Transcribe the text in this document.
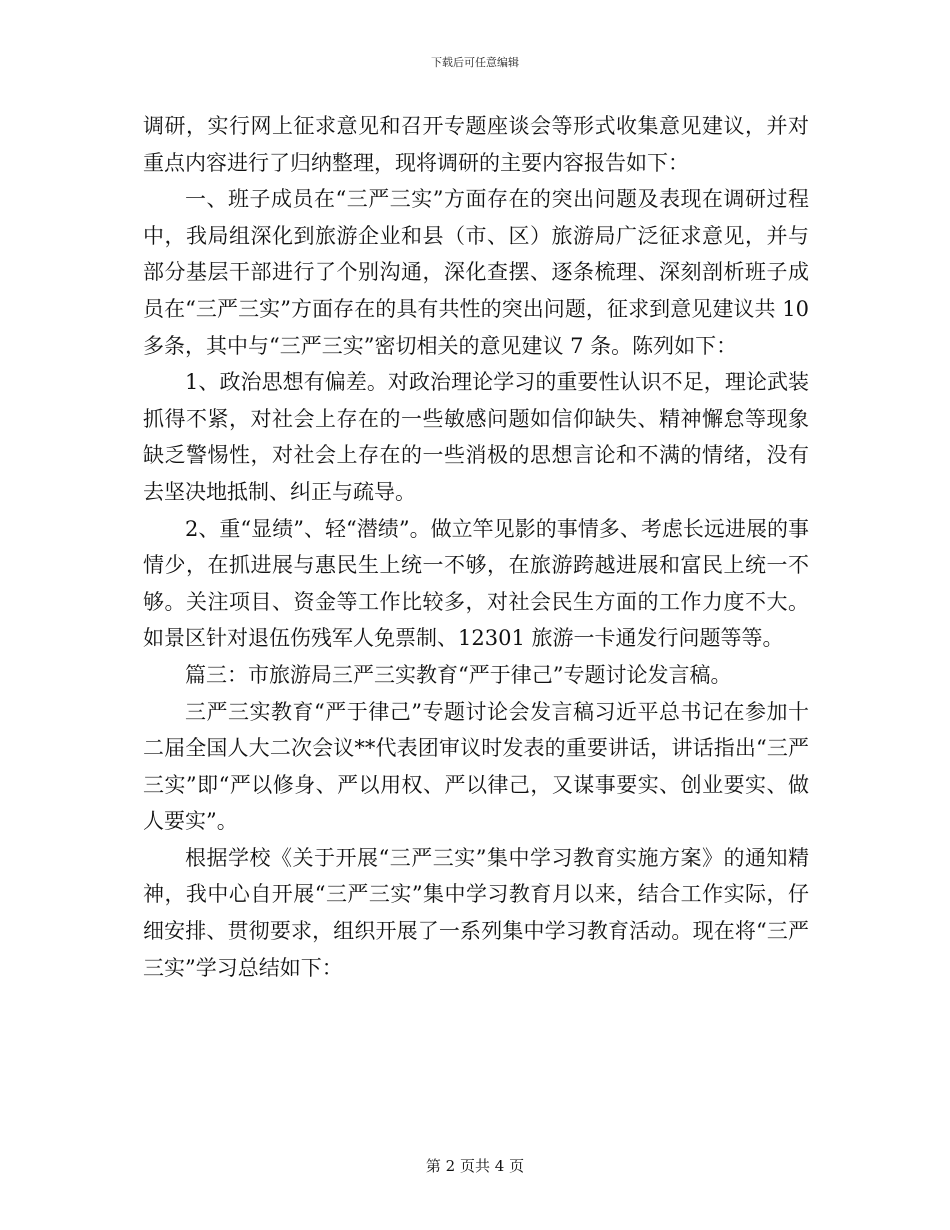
下载后可任意编辑

调研，实行网上征求意见和召开专题座谈会等形式收集意见建议，并对重点内容进行了归纳整理，现将调研的主要内容报告如下：

一、班子成员在“三严三实”方面存在的突出问题及表现在调研过程中，我局组深化到旅游企业和县（市、区）旅游局广泛征求意见，并与部分基层干部进行了个别沟通，深化查摆、逐条梳理、深刻剖析班子成员在“三严三实”方面存在的具有共性的突出问题，征求到意见建议共 10 多条，其中与“三严三实”密切相关的意见建议 7 条。陈列如下：

1、政治思想有偏差。对政治理论学习的重要性认识不足，理论武装抓得不紧，对社会上存在的一些敏感问题如信仰缺失、精神懈怠等现象缺乏警惕性，对社会上存在的一些消极的思想言论和不满的情绪，没有去坚决地抵制、纠正与疏导。

2、重“显绩”、轻“潜绩”。做立竿见影的事情多、考虑长远进展的事情少，在抓进展与惠民生上统一不够，在旅游跨越进展和富民上统一不够。关注项目、资金等工作比较多，对社会民生方面的工作力度不大。如景区针对退伍伤残军人免票制、12301 旅游一卡通发行问题等等。

篇三：市旅游局三严三实教育“严于律己”专题讨论发言稿。

三严三实教育“严于律己”专题讨论会发言稿习近平总书记在参加十二届全国人大二次会议**代表团审议时发表的重要讲话，讲话指出“三严三实”即“严以修身、严以用权、严以律己，又谋事要实、创业要实、做人要实”。

根据学校《关于开展“三严三实”集中学习教育实施方案》的通知精神，我中心自开展“三严三实”集中学习教育月以来，结合工作实际，仔细安排、贯彻要求，组织开展了一系列集中学习教育活动。现在将“三严三实”学习总结如下：

第 2 页共 4 页
